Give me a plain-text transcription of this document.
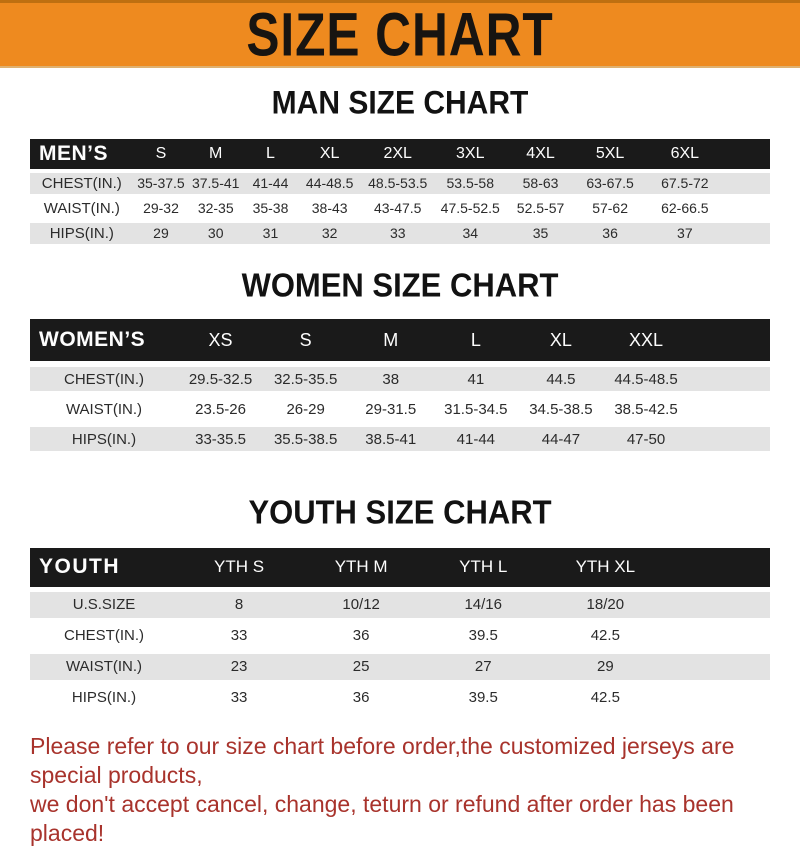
SIZE CHART
MAN SIZE CHART
MEN’S	S	M	L	XL	2XL	3XL	4XL	5XL	6XL	
CHEST(IN.)	35-37.5	37.5-41	41-44	44-48.5	48.5-53.5	53.5-58	58-63	63-67.5	67.5-72	
WAIST(IN.)	29-32	32-35	35-38	38-43	43-47.5	47.5-52.5	52.5-57	57-62	62-66.5	
HIPS(IN.)	29	30	31	32	33	34	35	36	37	
WOMEN SIZE CHART
WOMEN’S	XS	S	M	L	XL	XXL	
CHEST(IN.)	29.5-32.5	32.5-35.5	38	41	44.5	44.5-48.5	
WAIST(IN.)	23.5-26	26-29	29-31.5	31.5-34.5	34.5-38.5	38.5-42.5	
HIPS(IN.)	33-35.5	35.5-38.5	38.5-41	41-44	44-47	47-50	
YOUTH SIZE CHART
YOUTH	YTH S	YTH M	YTH L	YTH XL	
U.S.SIZE	8	10/12	14/16	18/20	
CHEST(IN.)	33	36	39.5	42.5	
WAIST(IN.)	23	25	27	29	
HIPS(IN.)	33	36	39.5	42.5	

Please refer to our size chart before order,the customized jerseys are special products,

we don't accept cancel, change, teturn or refund after order has been placed!
